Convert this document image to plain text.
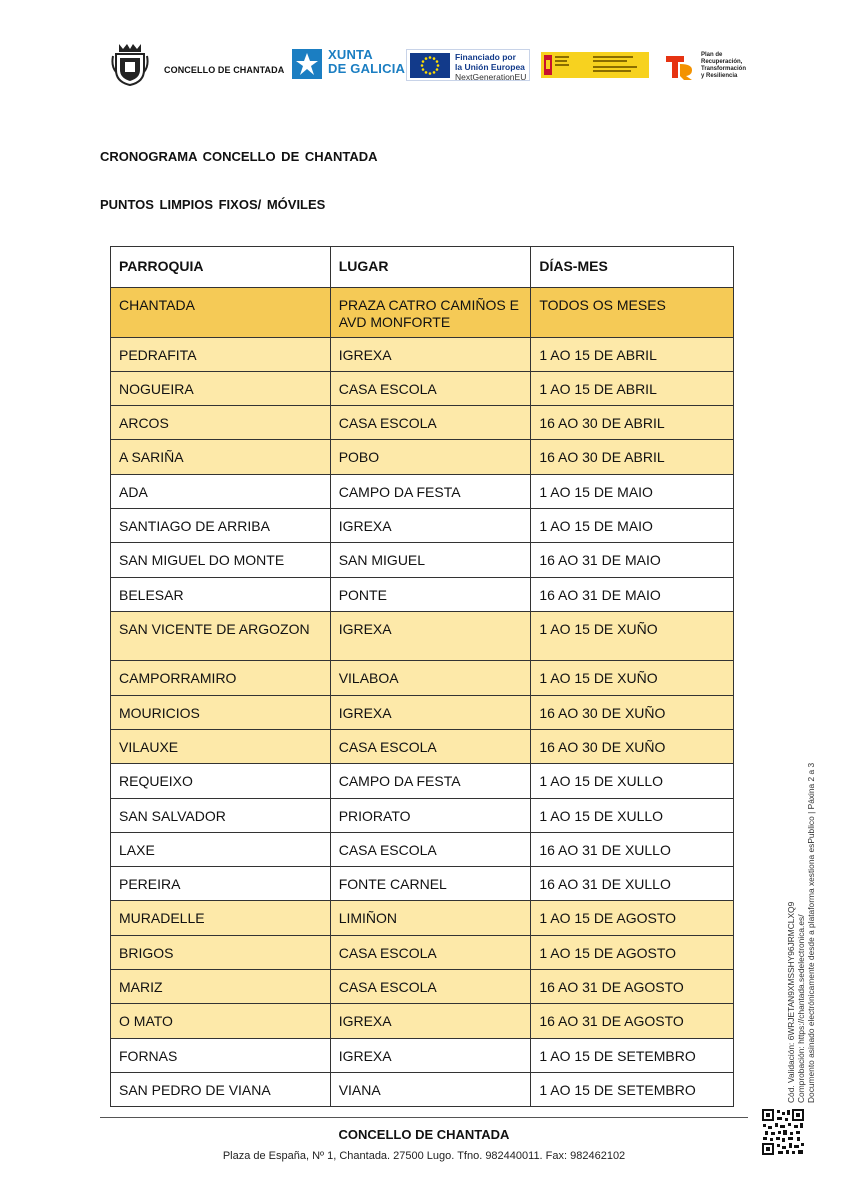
CONCELLO DE CHANTADA
XUNTA
DE GALICIA
Financiado por
la Unión Europea
NextGenerationEU
Plan de
Recuperación,
Transformación
y Resiliencia
CRONOGRAMA CONCELLO DE CHANTADA
PUNTOS LIMPIOS FIXOS/ MÓVILES
PARROQUIA	LUGAR	DÍAS-MES
CHANTADA	PRAZA CATRO CAMIÑOS E AVD MONFORTE	TODOS OS MESES
PEDRAFITA	IGREXA	1 AO 15 DE ABRIL
NOGUEIRA	CASA ESCOLA	1 AO 15 DE ABRIL
ARCOS	CASA ESCOLA	16 AO 30 DE ABRIL
A SARIÑA	POBO	16 AO 30 DE ABRIL
ADA	CAMPO DA FESTA	1 AO 15 DE MAIO
SANTIAGO DE ARRIBA	IGREXA	1 AO 15 DE MAIO
SAN MIGUEL DO MONTE	SAN MIGUEL	16 AO 31 DE MAIO
BELESAR	PONTE	16 AO 31 DE MAIO
SAN VICENTE DE ARGOZON	IGREXA	1 AO 15 DE XUÑO
CAMPORRAMIRO	VILABOA	1 AO 15 DE XUÑO
MOURICIOS	IGREXA	16 AO 30 DE XUÑO
VILAUXE	CASA ESCOLA	16 AO 30 DE XUÑO
REQUEIXO	CAMPO DA FESTA	1 AO 15 DE XULLO
SAN SALVADOR	PRIORATO	1 AO 15 DE XULLO
LAXE	CASA ESCOLA	16 AO 31 DE XULLO
PEREIRA	FONTE CARNEL	16 AO 31 DE XULLO
MURADELLE	LIMIÑON	1 AO 15 DE AGOSTO
BRIGOS	CASA ESCOLA	1 AO 15 DE AGOSTO
MARIZ	CASA ESCOLA	16 AO 31 DE AGOSTO
O MATO	IGREXA	16 AO 31 DE AGOSTO
FORNAS	IGREXA	1 AO 15 DE SETEMBRO
SAN PEDRO DE VIANA	VIANA	1 AO 15 DE SETEMBRO
CONCELLO DE CHANTADA
Plaza de España, Nº 1, Chantada. 27500 Lugo. Tfno. 982440011. Fax: 982462102
Cód. Validación: 6WRJETAN9XMSSHY96JRMCLXQ9 Comprobación: https://chantada.sedelectronica.es/ Documento asinado electrónicamente desde a plataforma xestiona esPublico | Páxina 2 a 3
